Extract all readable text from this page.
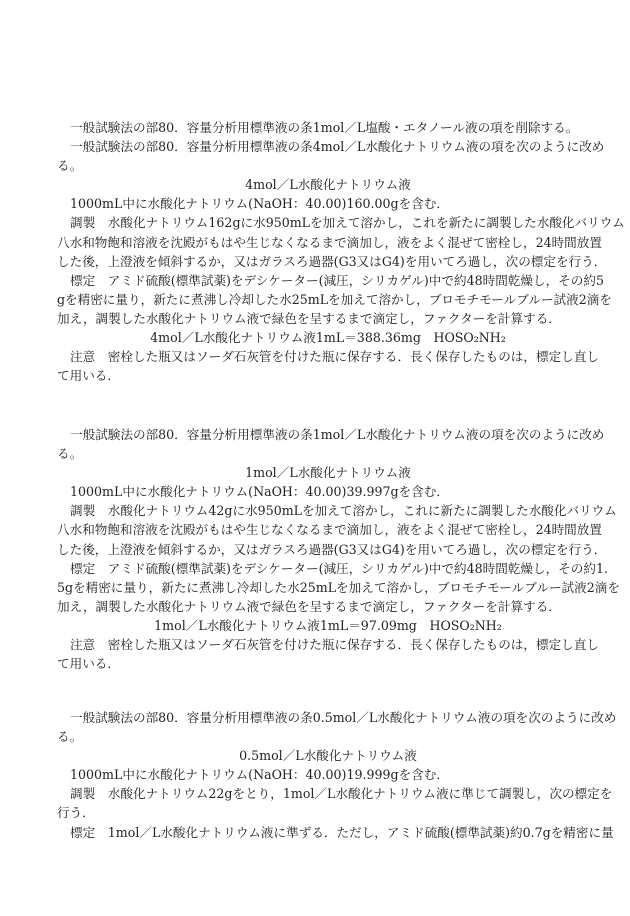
一般試験法の部80．容量分析用標準液の条1mol／L塩酸・エタノール液の項を削除する。
一般試験法の部80．容量分析用標準液の条4mol／L水酸化ナトリウム液の項を次のように改め
る。
4mol／L水酸化ナトリウム液
1000mL中に水酸化ナトリウム(NaOH：40.00)160.00gを含む．
調製　水酸化ナトリウム162gに水950mLを加えて溶かし，これを新たに調製した水酸化バリウム
八水和物飽和溶液を沈殿がもはや生じなくなるまで滴加し，液をよく混ぜて密栓し，24時間放置
した後，上澄液を傾斜するか，又はガラスろ過器(G3又はG4)を用いてろ過し，次の標定を行う．
標定　アミド硫酸(標準試薬)をデシケーター(減圧，シリカゲル)中で約48時間乾燥し，その約5
gを精密に量り，新たに煮沸し冷却した水25mLを加えて溶かし，ブロモチモールブルー試液2滴を
加え，調製した水酸化ナトリウム液で緑色を呈するまで滴定し，ファクターを計算する．
4mol／L水酸化ナトリウム液1mL＝388.36mg　HOSO₂NH₂
注意　密栓した瓶又はソーダ石灰管を付けた瓶に保存する．長く保存したものは，標定し直し
て用いる．
一般試験法の部80．容量分析用標準液の条1mol／L水酸化ナトリウム液の項を次のように改め
る。
1mol／L水酸化ナトリウム液
1000mL中に水酸化ナトリウム(NaOH：40.00)39.997gを含む．
調製　水酸化ナトリウム42gに水950mLを加えて溶かし，これに新たに調製した水酸化バリウム
八水和物飽和溶液を沈殿がもはや生じなくなるまで滴加し，液をよく混ぜて密栓し，24時間放置
した後，上澄液を傾斜するか，又はガラスろ過器(G3又はG4)を用いてろ過し，次の標定を行う．
標定　アミド硫酸(標準試薬)をデシケーター(減圧，シリカゲル)中で約48時間乾燥し，その約1.
5gを精密に量り，新たに煮沸し冷却した水25mLを加えて溶かし，ブロモチモールブルー試液2滴を
加え，調製した水酸化ナトリウム液で緑色を呈するまで滴定し，ファクターを計算する．
1mol／L水酸化ナトリウム液1mL＝97.09mg　HOSO₂NH₂
注意　密栓した瓶又はソーダ石灰管を付けた瓶に保存する．長く保存したものは，標定し直し
て用いる．
一般試験法の部80．容量分析用標準液の条0.5mol／L水酸化ナトリウム液の項を次のように改め
る。
0.5mol／L水酸化ナトリウム液
1000mL中に水酸化ナトリウム(NaOH：40.00)19.999gを含む．
調製　水酸化ナトリウム22gをとり，1mol／L水酸化ナトリウム液に準じて調製し，次の標定を
行う．
標定　1mol／L水酸化ナトリウム液に準ずる．ただし，アミド硫酸(標準試薬)約0.7gを精密に量
